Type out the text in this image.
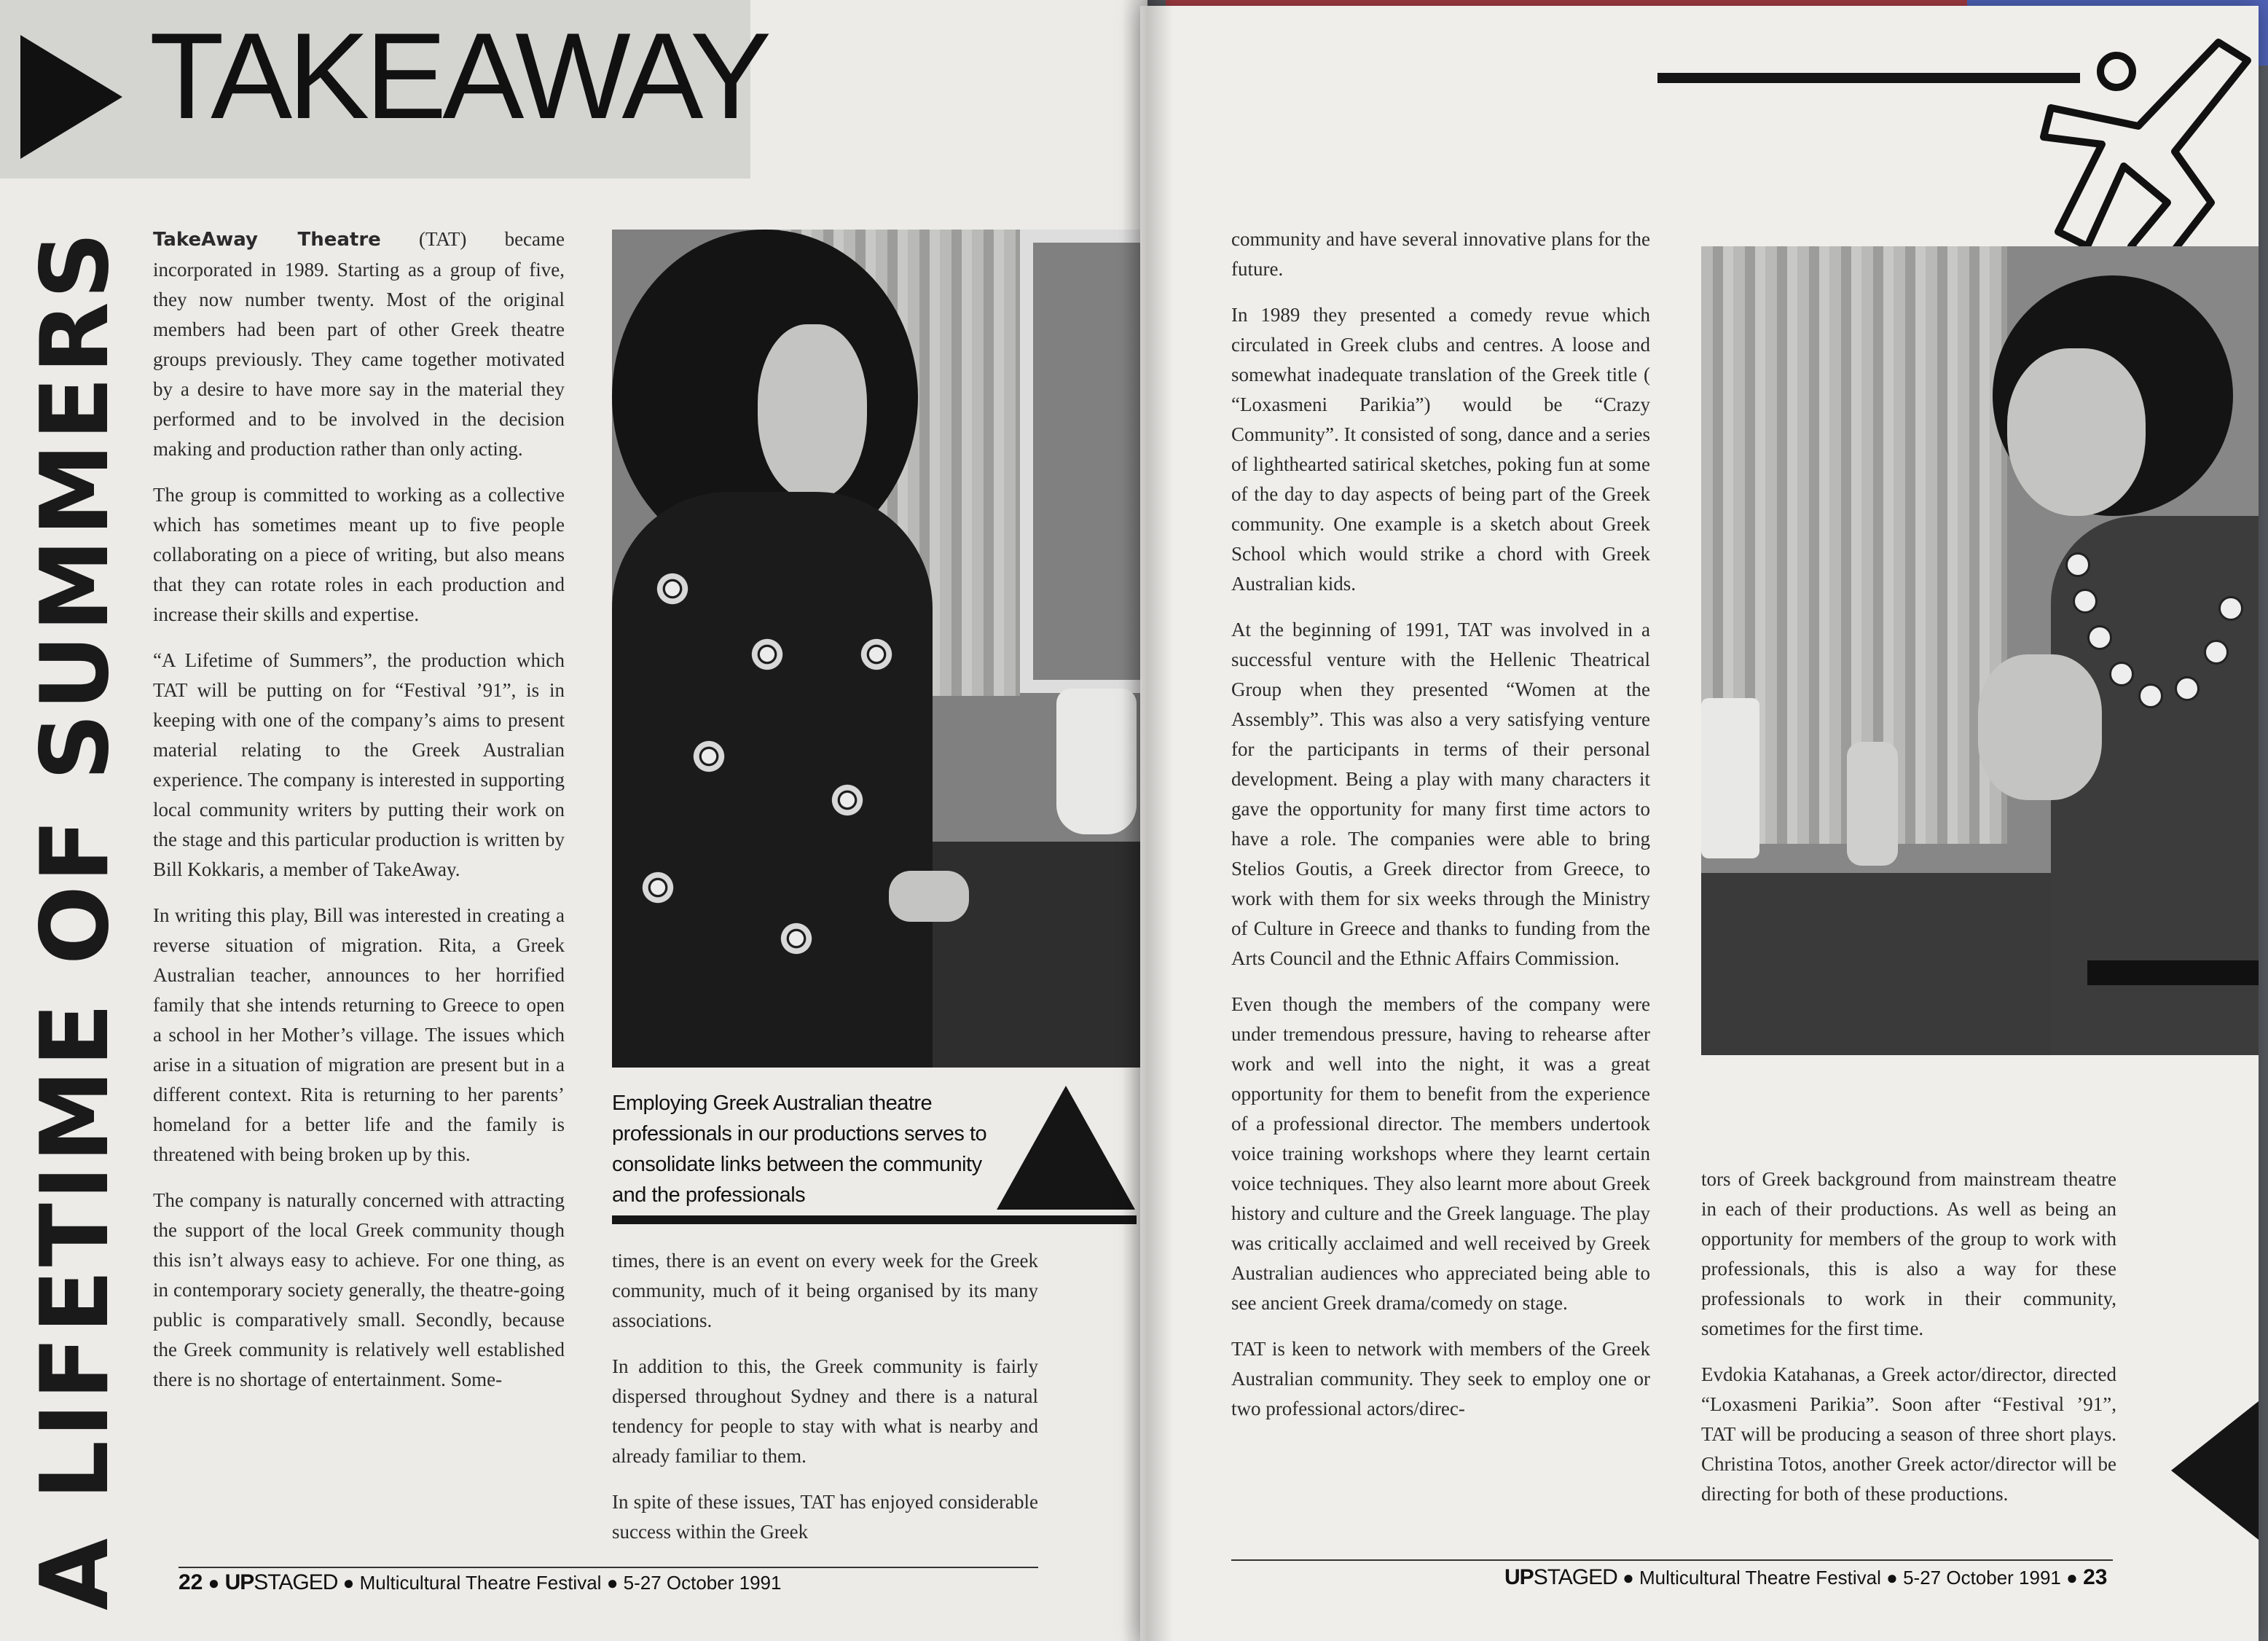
TAKEAWAY
A LIFETIME OF SUMMERS TakeAway Theatre (TAT) became incorporated in 1989. Starting as a group of five, they now number twenty. Most of the original members had been part of other Greek theatre groups previously. They came together motivated by a desire to have more say in the material they performed and to be involved in the decision making and production rather than only acting.

The group is committed to working as a collective which has sometimes meant up to five people collaborating on a piece of writing, but also means that they can rotate roles in each production and increase their skills and expertise.

“A Lifetime of Summers”, the production which TAT will be putting on for “Festival ’91”, is in keeping with one of the company’s aims to present material relating to the Greek Australian experience. The company is interested in supporting local community writers by putting their work on the stage and this particular production is written by Bill Kokkaris, a member of TakeAway.

In writing this play, Bill was interested in creating a reverse situation of migration. Rita, a Greek Australian teacher, announces to her horrified family that she intends returning to Greece to open a school in her Mother’s village. The issues which arise in a situation of migration are present but in a different context. Rita is returning to her parents’ homeland for a better life and the family is threatened with being broken up by this.

The company is naturally concerned with attracting the support of the local Greek community though this isn’t always easy to achieve. For one thing, as in contemporary society generally, the theatre-going public is comparatively small. Secondly, because the Greek community is relatively well established there is no shortage of entertainment. Some-

Employing Greek Australian theatre professionals in our productions serves to consolidate links between the community and the professionals

times, there is an event on every week for the Greek community, much of it being organised by its many associations.

In addition to this, the Greek community is fairly dispersed throughout Sydney and there is a natural tendency for people to stay with what is nearby and already familiar to them.

In spite of these issues, TAT has enjoyed considerable success within the Greek

22 ● UPSTAGED ● Multicultural Theatre Festival ● 5-27 October 1991

community and have several innovative plans for the future.

In 1989 they presented a comedy revue which circulated in Greek clubs and centres. A loose and somewhat inadequate translation of the Greek title ( “Loxasmeni Parikia”) would be “Crazy Community”. It consisted of song, dance and a series of lighthearted satirical sketches, poking fun at some of the day to day aspects of being part of the Greek community. One example is a sketch about Greek School which would strike a chord with Greek Australian kids.

At the beginning of 1991, TAT was involved in a successful venture with the Hellenic Theatrical Group when they presented “Women at the Assembly”. This was also a very satisfying venture for the participants in terms of their personal development. Being a play with many characters it gave the opportunity for many first time actors to have a role. The companies were able to bring Stelios Goutis, a Greek director from Greece, to work with them for six weeks through the Ministry of Culture in Greece and thanks to funding from the Arts Council and the Ethnic Affairs Commission.

Even though the members of the company were under tremendous pressure, having to rehearse after work and well into the night, it was a great opportunity for them to benefit from the experience of a professional director. The members undertook voice training workshops where they learnt certain voice techniques. They also learnt more about Greek history and culture and the Greek language. The play was critically acclaimed and well received by Greek Australian audiences who appreciated being able to see ancient Greek drama/comedy on stage.

TAT is keen to network with members of the Greek Australian community. They seek to employ one or two professional actors/direc-

tors of Greek background from mainstream theatre in each of their productions. As well as being an opportunity for members of the group to work with professionals, this is also a way for these professionals to work in their community, sometimes for the first time.

Evdokia Katahanas, a Greek actor/director, directed “Loxasmeni Parikia”. Soon after “Festival ’91”, TAT will be producing a season of three short plays. Christina Totos, another Greek actor/director will be directing for both of these productions.

UPSTAGED ● Multicultural Theatre Festival ● 5-27 October 1991 ● 23
